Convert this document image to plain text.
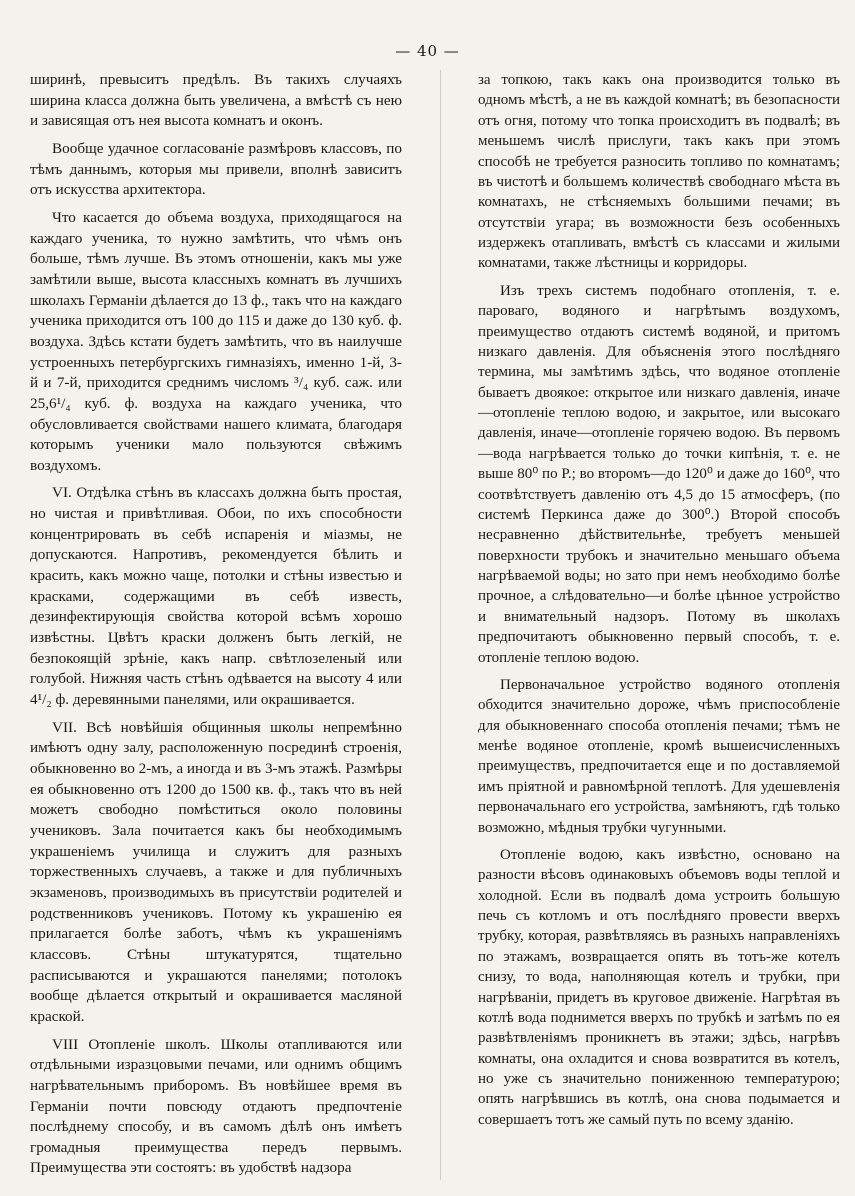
— 40 —

ширинѣ, превыситъ предѣлъ. Въ такихъ случаяхъ ширина класса должна быть увеличена, а вмѣстѣ съ нею и зависящая отъ нея высота комнатъ и оконъ.

Вообще удачное согласованіе размѣровъ классовъ, по тѣмъ даннымъ, которыя мы привели, вполнѣ зависитъ отъ искусства архитектора.

Что касается до объема воздуха, приходящагося на каждаго ученика, то нужно замѣтить, что чѣмъ онъ больше, тѣмъ лучше. Въ этомъ отношеніи, какъ мы уже замѣтили выше, высота классныхъ комнатъ въ лучшихъ школахъ Германіи дѣлается до 13 ф., такъ что на каждаго ученика приходится отъ 100 до 115 и даже до 130 куб. ф. воздуха. Здѣсь кстати будетъ замѣтить, что въ наилучше устроенныхъ петербургскихъ гимназіяхъ, именно 1-й, 3-й и 7-й, приходится среднимъ числомъ ³/₄ куб. саж. или 25,6¹/₄ куб. ф. воздуха на каждаго ученика, что обусловливается свойствами нашего климата, благодаря которымъ ученики мало пользуются свѣжимъ воздухомъ.

VI. Отдѣлка стѣнъ въ классахъ должна быть простая, но чистая и привѣтливая. Обои, по ихъ способности концентрировать въ себѣ испаренія и міазмы, не допускаются. Напротивъ, рекомендуется бѣлить и красить, какъ можно чаще, потолки и стѣны известью и красками, содержащими въ себѣ известь, дезинфектирующія свойства которой всѣмъ хорошо извѣстны. Цвѣтъ краски долженъ быть легкій, не безпокоящій зрѣніе, какъ напр. свѣтлозеленый или голубой. Нижняя часть стѣнъ одѣвается на высоту 4 или 4¹/₂ ф. деревянными панелями, или окрашивается.

VII. Всѣ новѣйшія общинныя школы непремѣнно имѣютъ одну залу, расположенную посрединѣ строенія, обыкновенно во 2-мъ, а иногда и въ 3-мъ этажѣ. Размѣры ея обыкновенно отъ 1200 до 1500 кв. ф., такъ что въ ней можетъ свободно помѣститься около половины учениковъ. Зала почитается какъ бы необходимымъ украшеніемъ училища и служитъ для разныхъ торжественныхъ случаевъ, а также и для публичныхъ экзаменовъ, производимыхъ въ присутствіи родителей и родственниковъ учениковъ. Потому къ украшенію ея прилагается болѣе заботъ, чѣмъ къ украшеніямъ классовъ. Стѣны штукатурятся, тщательно расписываются и украшаются панелями; потолокъ вообще дѣлается открытый и окрашивается масляной краской.

VIII Отопленіе школъ. Школы отапливаются или отдѣльными изразцовыми печами, или однимъ общимъ нагрѣвательнымъ приборомъ. Въ новѣйшее время въ Германіи почти повсюду отдаютъ предпочтеніе послѣднему способу, и въ самомъ дѣлѣ онъ имѣетъ громадныя преимущества передъ первымъ. Преимущества эти состоятъ: въ удобствѣ надзора

за топкою, такъ какъ она производится только въ одномъ мѣстѣ, а не въ каждой комнатѣ; въ безопасности отъ огня, потому что топка происходитъ въ подвалѣ; въ меньшемъ числѣ прислуги, такъ какъ при этомъ способѣ не требуется разносить топливо по комнатамъ; въ чистотѣ и большемъ количествѣ свободнаго мѣста въ комнатахъ, не стѣсняемыхъ большими печами; въ отсутствіи угара; въ возможности безъ особенныхъ издержекъ отапливать, вмѣстѣ съ классами и жилыми комнатами, также лѣстницы и корридоры.

Изъ трехъ системъ подобнаго отопленія, т. е. пароваго, водяного и нагрѣтымъ воздухомъ, преимущество отдаютъ системѣ водяной, и притомъ низкаго давленія. Для объясненія этого послѣдняго термина, мы замѣтимъ здѣсь, что водяное отопленіе бываетъ двоякое: открытое или низкаго давленія, иначе—отопленіе теплою водою, и закрытое, или высокаго давленія, иначе—отопленіе горячею водою. Въ первомъ—вода нагрѣвается только до точки кипѣнія, т. е. не выше 80⁰ по Р.; во второмъ—до 120⁰ и даже до 160⁰, что соотвѣтствуетъ давленію отъ 4,5 до 15 атмосферъ, (по системѣ Перкинса даже до 300⁰.) Второй способъ несравненно дѣйствительнѣе, требуетъ меньшей поверхности трубокъ и значительно меньшаго объема нагрѣваемой воды; но зато при немъ необходимо болѣе прочное, а слѣдовательно—и болѣе цѣнное устройство и внимательный надзоръ. Потому въ школахъ предпочитаютъ обыкновенно первый способъ, т. е. отопленіе теплою водою.

Первоначальное устройство водяного отопленія обходится значительно дороже, чѣмъ приспособленіе для обыкновеннаго способа отопленія печами; тѣмъ не менѣе водяное отопленіе, кромѣ вышеисчисленныхъ преимуществъ, предпочитается еще и по доставляемой имъ пріятной и равномѣрной теплотѣ. Для удешевленія первоначальнаго его устройства, замѣняютъ, гдѣ только возможно, мѣдныя трубки чугунными.

Отопленіе водою, какъ извѣстно, основано на разности вѣсовъ одинаковыхъ объемовъ воды теплой и холодной. Если въ подвалѣ дома устроить большую печь съ котломъ и отъ послѣдняго провести вверхъ трубку, которая, развѣтвляясь въ разныхъ направленіяхъ по этажамъ, возвращается опять въ тотъ-же котелъ снизу, то вода, наполняющая котелъ и трубки, при нагрѣваніи, придетъ въ круговое движеніе. Нагрѣтая въ котлѣ вода поднимется вверхъ по трубкѣ и затѣмъ по ея развѣтвленіямъ проникнетъ въ этажи; здѣсь, нагрѣвъ комнаты, она охладится и снова возвратится въ котелъ, но уже съ значительно пониженною температурою; опять нагрѣвшись въ котлѣ, она снова подымается и совершаетъ тотъ же самый путь по всему зданію.
